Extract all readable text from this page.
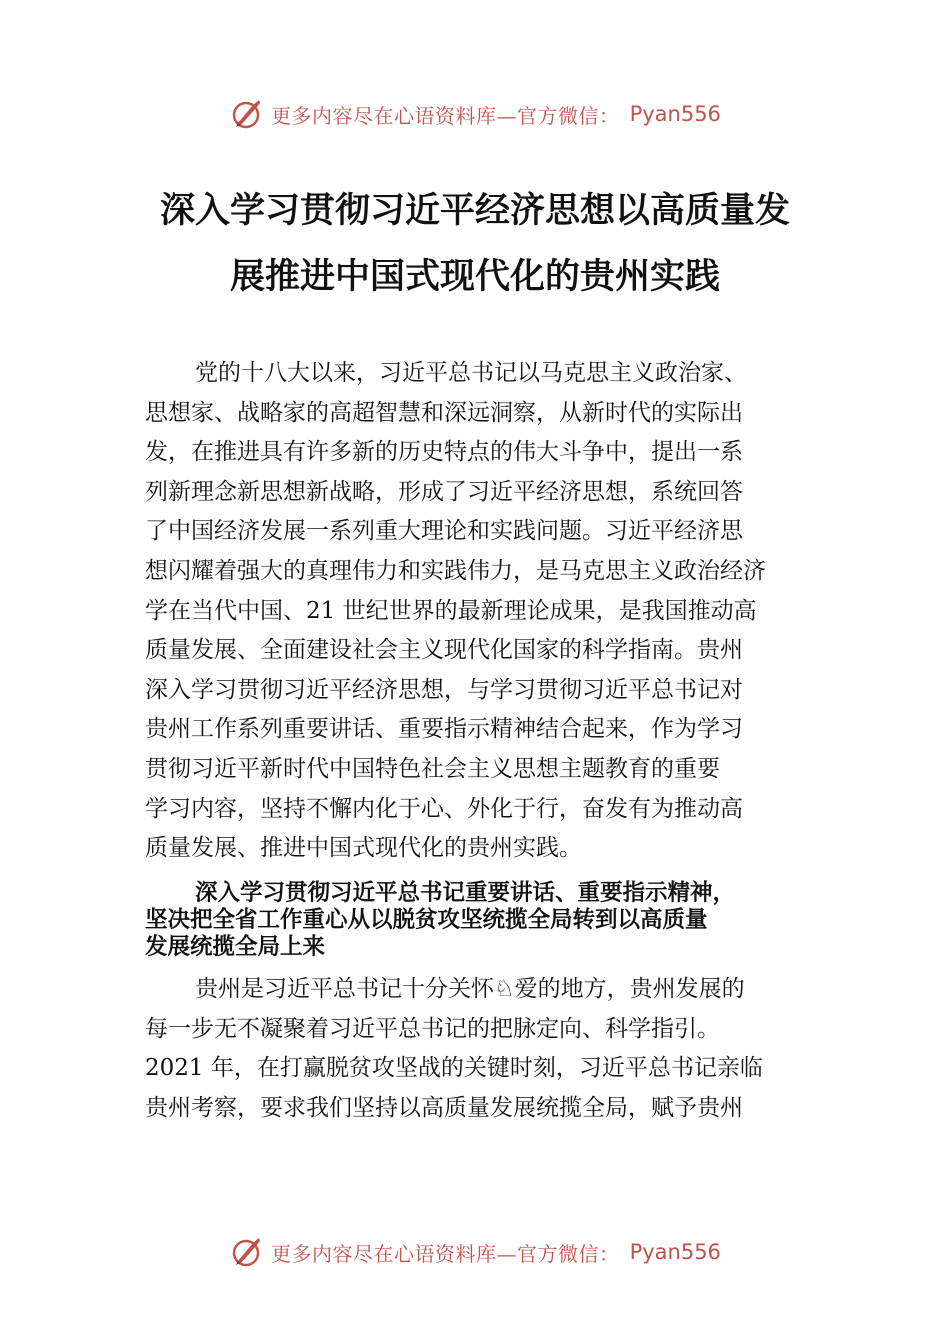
更多内容尽在心语资料库—官方微信： Pyan556
深入学习贯彻习近平经济思想以高质量发
展推进中国式现代化的贵州实践
党的十八大以来，习近平总书记以马克思主义政治家、
思想家、战略家的高超智慧和深远洞察，从新时代的实际出
发，在推进具有许多新的历史特点的伟大斗争中，提出一系
列新理念新思想新战略，形成了习近平经济思想，系统回答
了中国经济发展一系列重大理论和实践问题。习近平经济思
想闪耀着强大的真理伟力和实践伟力，是马克思主义政治经济
学在当代中国、21 世纪世界的最新理论成果，是我国推动高
质量发展、全面建设社会主义现代化国家的科学指南。贵州
深入学习贯彻习近平经济思想，与学习贯彻习近平总书记对
贵州工作系列重要讲话、重要指示精神结合起来，作为学习
贯彻习近平新时代中国特色社会主义思想主题教育的重要
学习内容，坚持不懈内化于心、外化于行，奋发有为推动高
质量发展、推进中国式现代化的贵州实践。
深入学习贯彻习近平总书记重要讲话、重要指示精神，
坚决把全省工作重心从以脱贫攻坚统揽全局转到以高质量
发展统揽全局上来
贵州是习近平总书记十分关怀♘爱的地方，贵州发展的
每一步无不凝聚着习近平总书记的把脉定向、科学指引。
2021 年，在打赢脱贫攻坚战的关键时刻，习近平总书记亲临
贵州考察，要求我们坚持以高质量发展统揽全局，赋予贵州
更多内容尽在心语资料库—官方微信： Pyan556
